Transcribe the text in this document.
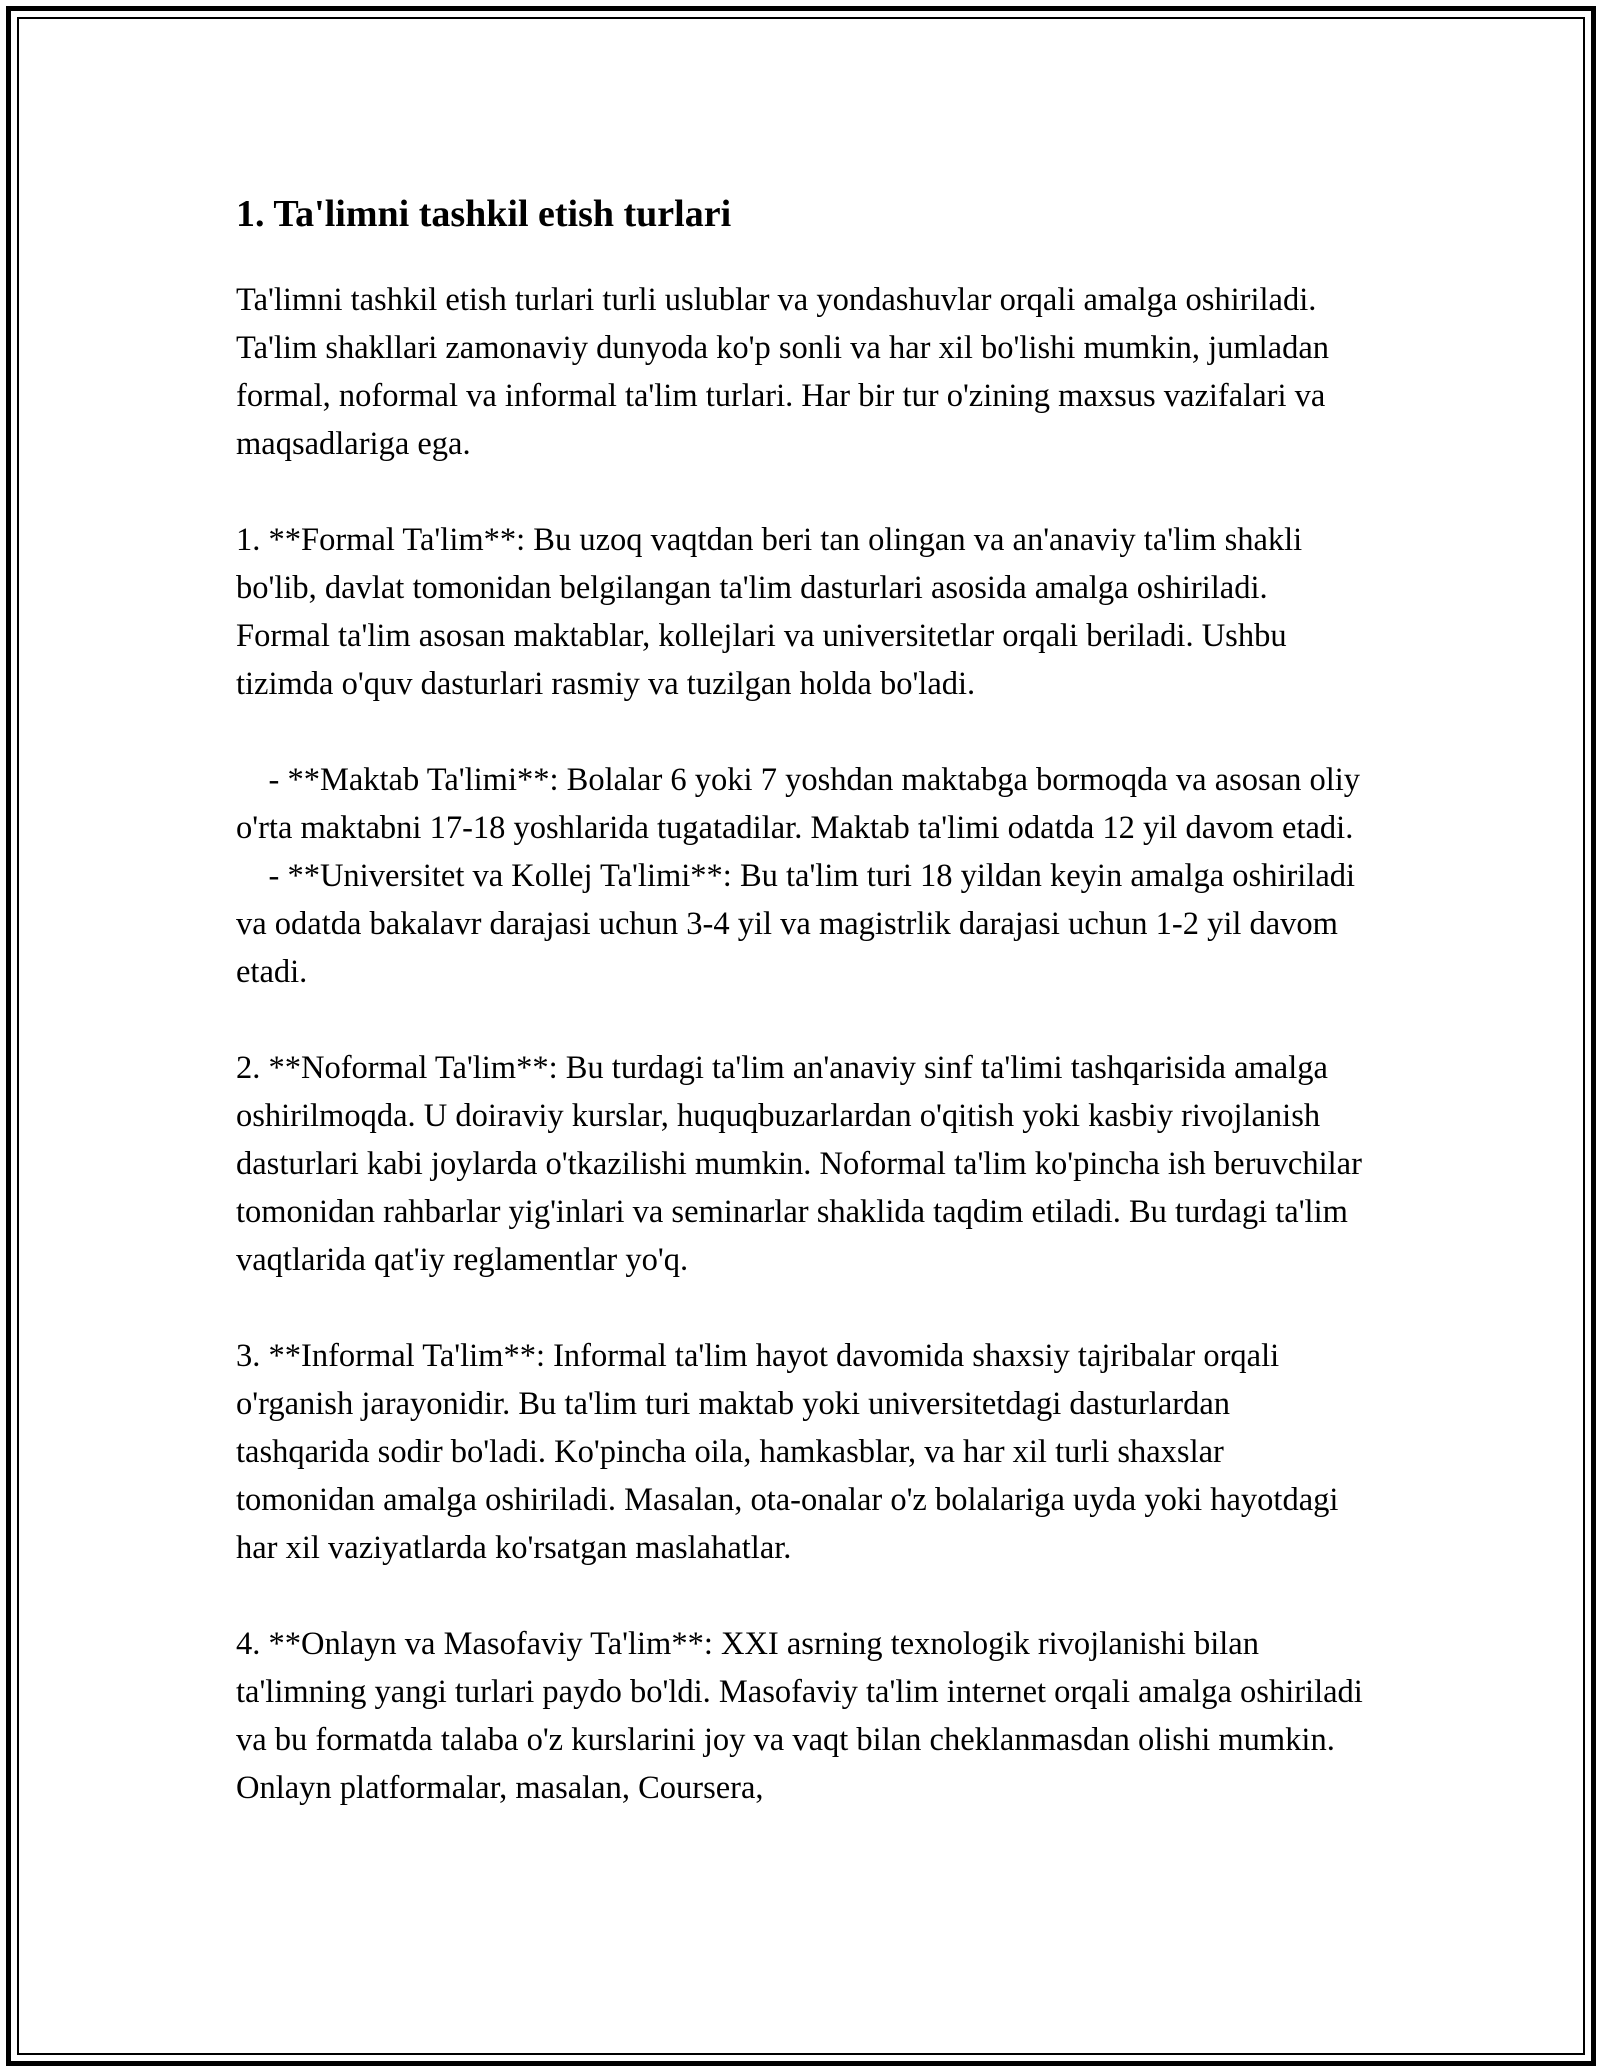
1. Ta'limni tashkil etish turlari

Ta'limni tashkil etish turlari turli uslublar va yondashuvlar orqali amalga oshiriladi. Ta'lim shakllari zamonaviy dunyoda ko'p sonli va har xil bo'lishi mumkin, jumladan formal, noformal va informal ta'lim turlari. Har bir tur o'zining maxsus vazifalari va maqsadlariga ega.

1. **Formal Ta'lim**: Bu uzoq vaqtdan beri tan olingan va an'anaviy ta'lim shakli bo'lib, davlat tomonidan belgilangan ta'lim dasturlari asosida amalga oshiriladi. Formal ta'lim asosan maktablar, kollejlari va universitetlar orqali beriladi. Ushbu tizimda o'quv dasturlari rasmiy va tuzilgan holda bo'ladi.

- **Maktab Ta'limi**: Bolalar 6 yoki 7 yoshdan maktabga bormoqda va asosan oliy o'rta maktabni 17-18 yoshlarida tugatadilar. Maktab ta'limi odatda 12 yil davom etadi.

- **Universitet va Kollej Ta'limi**: Bu ta'lim turi 18 yildan keyin amalga oshiriladi va odatda bakalavr darajasi uchun 3-4 yil va magistrlik darajasi uchun 1-2 yil davom etadi.

2. **Noformal Ta'lim**: Bu turdagi ta'lim an'anaviy sinf ta'limi tashqarisida amalga oshirilmoqda. U doiraviy kurslar, huquqbuzarlardan o'qitish yoki kasbiy rivojlanish dasturlari kabi joylarda o'tkazilishi mumkin. Noformal ta'lim ko'pincha ish beruvchilar tomonidan rahbarlar yig'inlari va seminarlar shaklida taqdim etiladi. Bu turdagi ta'lim vaqtlarida qat'iy reglamentlar yo'q.

3. **Informal Ta'lim**: Informal ta'lim hayot davomida shaxsiy tajribalar orqali o'rganish jarayonidir. Bu ta'lim turi maktab yoki universitetdagi dasturlardan tashqarida sodir bo'ladi. Ko'pincha oila, hamkasblar, va har xil turli shaxslar tomonidan amalga oshiriladi. Masalan, ota-onalar o'z bolalariga uyda yoki hayotdagi har xil vaziyatlarda ko'rsatgan maslahatlar.

4. **Onlayn va Masofaviy Ta'lim**: XXI asrning texnologik rivojlanishi bilan ta'limning yangi turlari paydo bo'ldi. Masofaviy ta'lim internet orqali amalga oshiriladi va bu formatda talaba o'z kurslarini joy va vaqt bilan cheklanmasdan olishi mumkin. Onlayn platformalar, masalan, Coursera,
